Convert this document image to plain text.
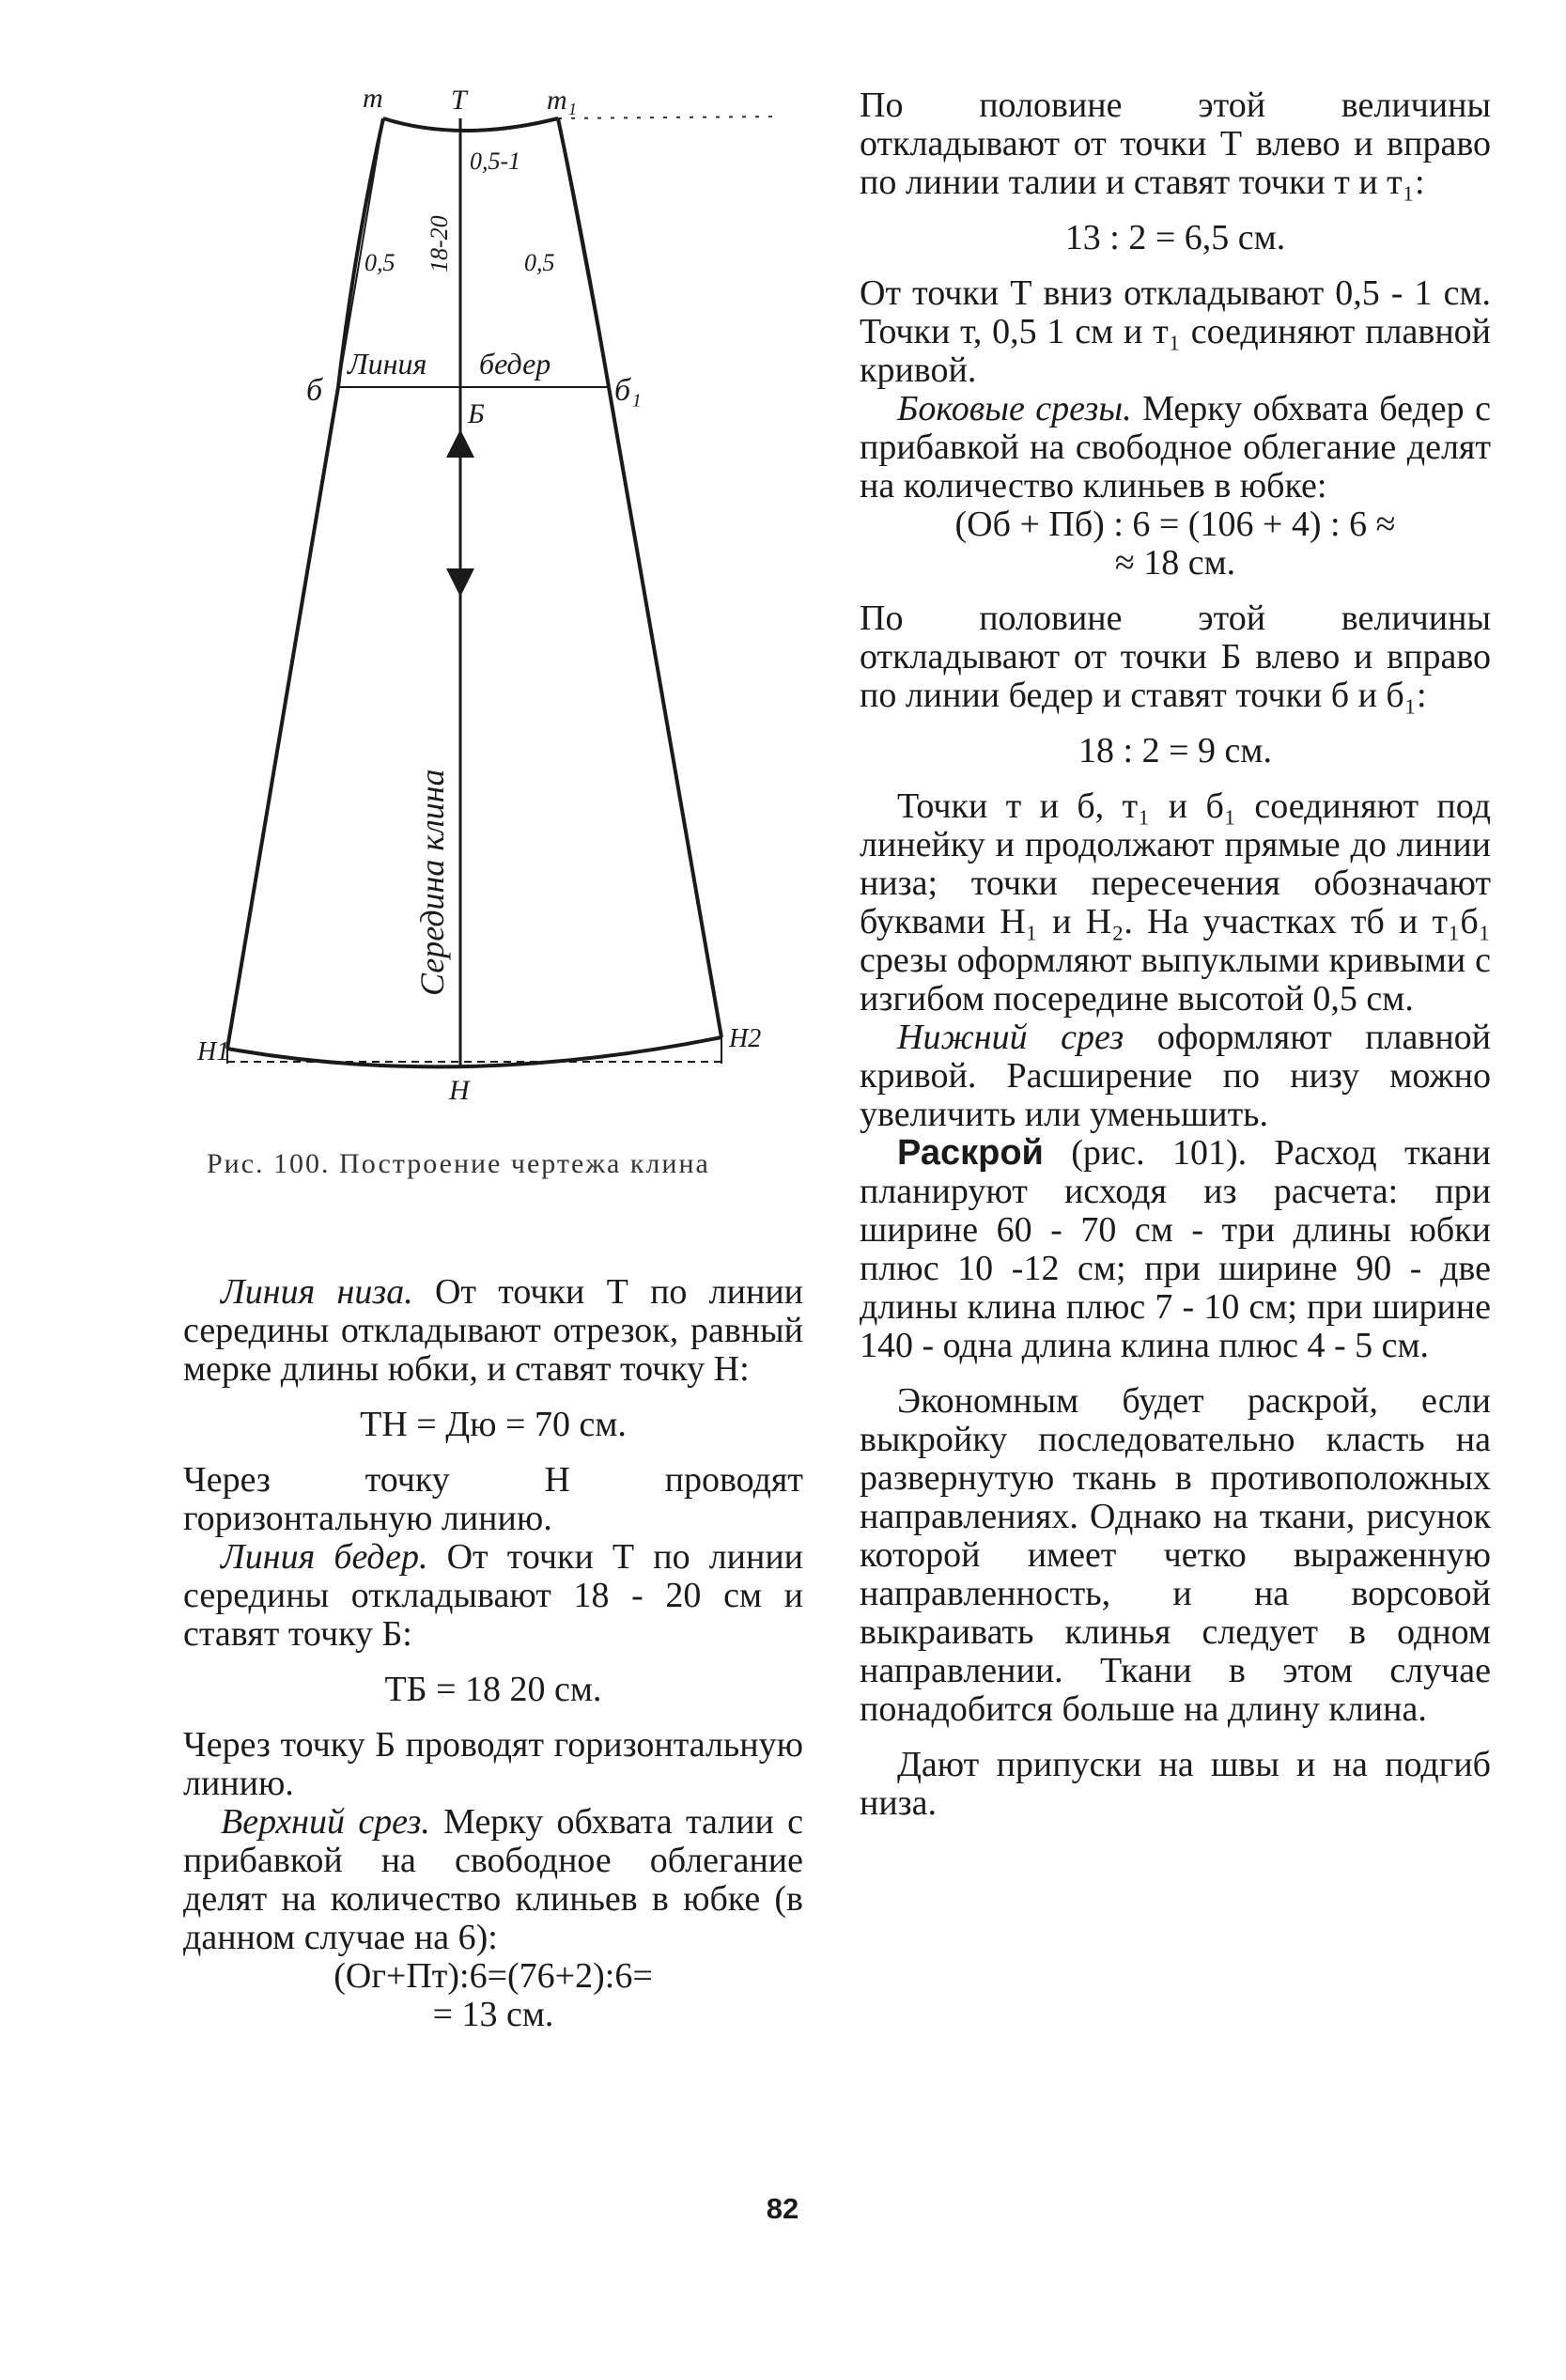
m T	m₁
0,5-1
18-20
0,5	0,5
б	б₁
Линия бедер
Б
Середина клина
Н1	Н2
Н
Рис. 100. Построение чертежа клина

Линия низа. От точки Т по линии середины откладывают отрезок, равный мерке длины юбки, и ставят точку Н:

ТН = Дю = 70 см.

Через точку Н проводят горизонтальную линию.

Линия бедер. От точки Т по линии середины откладывают 18 - 20 см и ставят точку Б:

ТБ = 18 20 см.

Через точку Б проводят горизонтальную линию.

Верхний срез. Мерку обхвата талии с прибавкой на свободное облегание делят на количество клиньев в юбке (в данном случае на 6):

(Ог+Пт):6=(76+2):6=

= 13 см.

По половине этой величины откладывают от точки Т влево и вправо по линии талии и ставят точки т и т₁:

13 : 2 = 6,5 см.

От точки Т вниз откладывают 0,5 - 1 см. Точки т, 0,5 1 см и т₁ соединяют плавной кривой.

Боковые срезы. Мерку обхвата бедер с прибавкой на свободное облегание делят на количество клиньев в юбке:

(Об + Пб) : 6 = (106 + 4) : 6 ≈

≈ 18 см.

По половине этой величины откладывают от точки Б влево и вправо по линии бедер и ставят точки б и б₁:

18 : 2 = 9 см.

Точки т и б, т₁ и б₁ соединяют под линейку и продолжают прямые до линии низа; точки пересечения обозначают буквами Н₁ и Н₂. На участках тб и т₁б₁ срезы оформляют выпуклыми кривыми с изгибом посередине высотой 0,5 см.

Нижний срез оформляют плавной кривой. Расширение по низу можно увеличить или уменьшить.

Раскрой (рис. 101). Расход ткани планируют исходя из расчета: при ширине 60 - 70 см - три длины юбки плюс 10 -12 см; при ширине 90 - две длины клина плюс 7 - 10 см; при ширине 140 - одна длина клина плюс 4 - 5 см.

Экономным будет раскрой, если выкройку последовательно класть на развернутую ткань в противоположных направлениях. Однако на ткани, рисунок которой имеет четко выраженную направленность, и на ворсовой выкраивать клинья следует в одном направлении. Ткани в этом случае понадобится больше на длину клина.

Дают припуски на швы и на подгиб низа.

82
